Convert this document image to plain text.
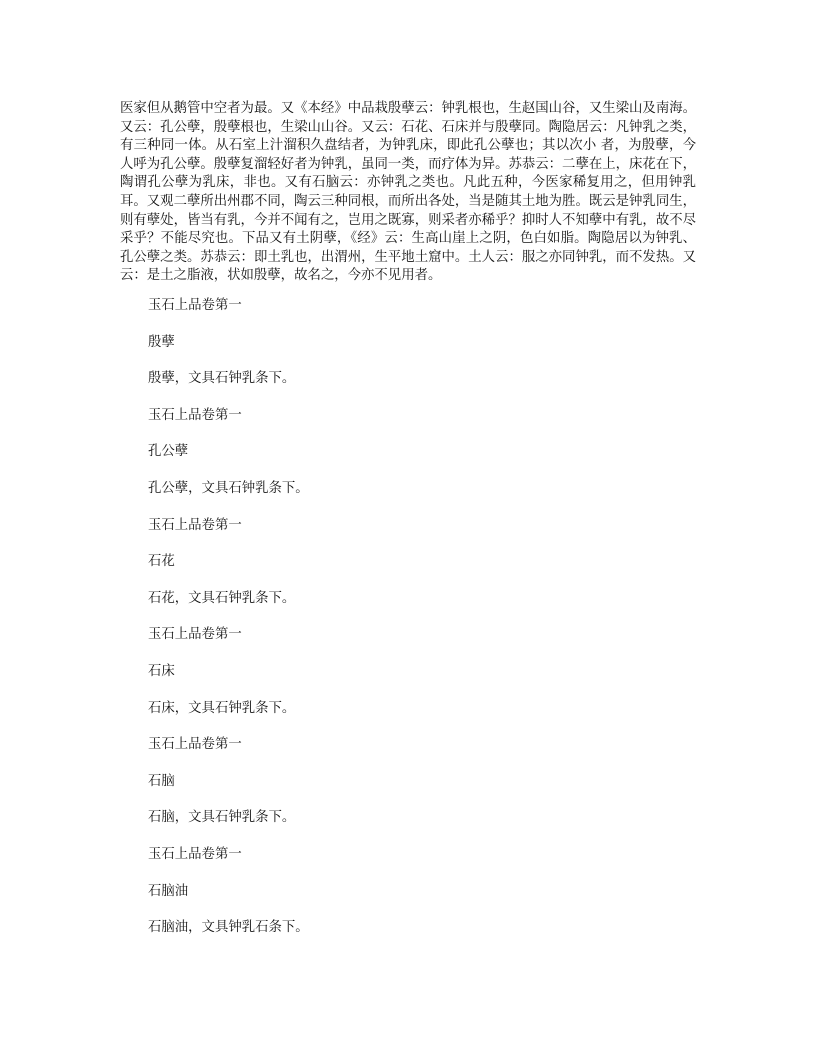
医家但从鹅管中空者为最。又《本经》中品栽殷孽云：钟乳根也，生赵国山谷，又生梁山及南海。又云：孔公孽，殷孽根也，生梁山山谷。又云：石花、石床并与殷孽同。陶隐居云：凡钟乳之类，有三种同一体。从石室上汁溜积久盘结者，为钟乳床，即此孔公孽也；其以次小 者，为殷孽，今人呼为孔公孽。殷孽复溜轻好者为钟乳，虽同一类，而疗体为异。苏恭云：二孽在上，床花在下，陶谓孔公孽为乳床，非也。又有石脑云：亦钟乳之类也。凡此五种，今医家稀复用之，但用钟乳耳。又观二孽所出州郡不同，陶云三种同根，而所出各处，当是随其土地为胜。既云是钟乳同生，则有孽处，皆当有乳，今并不闻有之，岂用之既寡，则采者亦稀乎？抑时人不知孽中有乳，故不尽采乎？不能尽究也。下品又有土阴孽，《经》云：生高山崖上之阴，色白如脂。陶隐居以为钟乳、孔公孽之类。苏恭云：即土乳也，出渭州，生平地土窟中。土人云：服之亦同钟乳，而不发热。又云：是土之脂液，状如殷孽，故名之，今亦不见用者。

玉石上品卷第一
殷孽
殷孽，文具石钟乳条下。
玉石上品卷第一
孔公孽
孔公孽，文具石钟乳条下。
玉石上品卷第一
石花
石花，文具石钟乳条下。
玉石上品卷第一
石床
石床，文具石钟乳条下。
玉石上品卷第一
石脑
石脑，文具石钟乳条下。
玉石上品卷第一
石脑油
石脑油，文具钟乳石条下。
